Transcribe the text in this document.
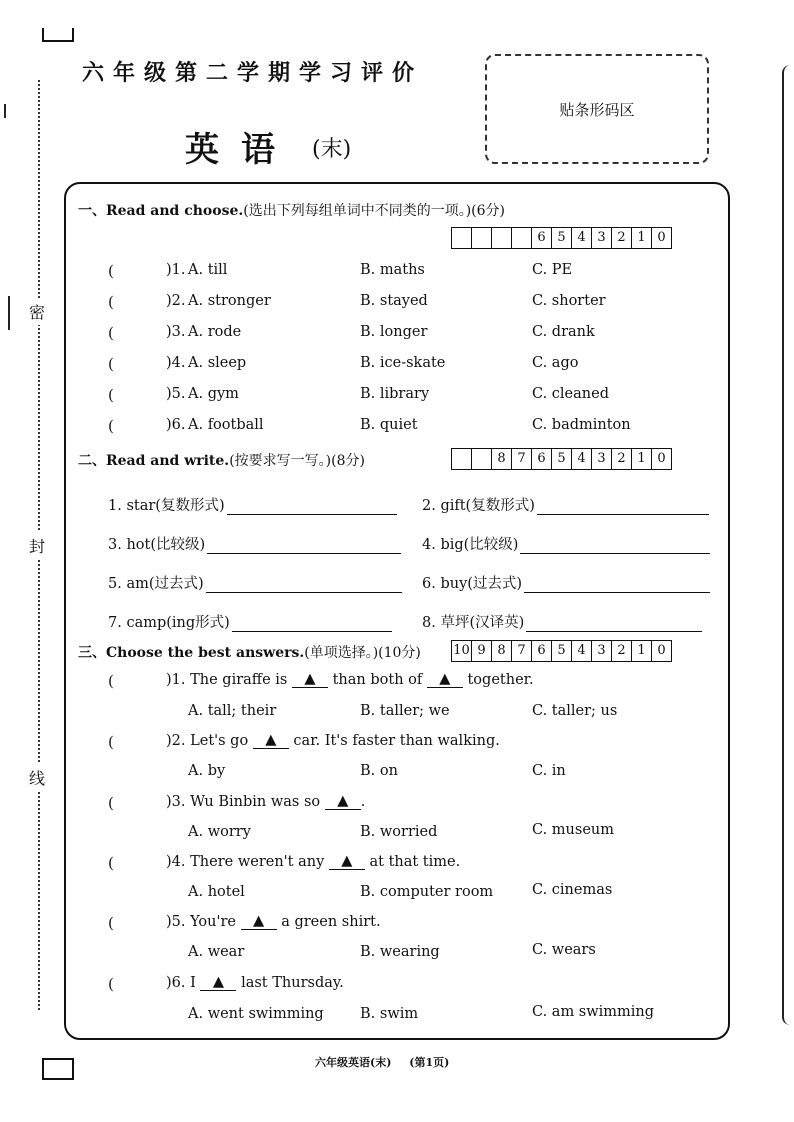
密
封
线
六年级第二学期学习评价
英语 (末)
贴条形码区
一、Read and choose.(选出下列每组单词中不同类的一项。)(6分)
6 5 4 3 2 1 0
(	)1. A. till	B. maths	C. PE
(	)2. A. stronger	B. stayed	C. shorter
(	)3. A. rode	B. longer	C. drank
(	)4. A. sleep	B. ice-skate	C. ago
(	)5. A. gym	B. library	C. cleaned
(	)6. A. football	B. quiet	C. badminton
二、Read and write.(按要求写一写。)(8分)	8 7 6 5 4 3 2 1 0
1. star(复数形式)	2. gift(复数形式)
3. hot(比较级)	4. big(比较级)
5. am(过去式)	6. buy(过去式)
7. camp(ing形式)	8. 草坪(汉译英)
三、Choose the best answers.(单项选择。)(10分) 10 9 8 7 6 5 4 3 2 1 0
(	)1. The giraffe is ▲ than both of ▲ together.
A. tall; their	B. taller; we	C. taller; us
(	)2. Let's go ▲ car. It's faster than walking.
A. by	B. on	C. in
(	)3. Wu Binbin was so ▲ .
A. worry	B. worried	C. museum
(	)4. There weren't any ▲ at that time.
A. hotel	B. computer room	C. cinemas
(	)5. You're ▲ a green shirt.
A. wear	B. wearing	C. wears
(	)6. I ▲ last Thursday.
A. went swimming	B. swim	C. am swimming
六年级英语(末) (第1页)
